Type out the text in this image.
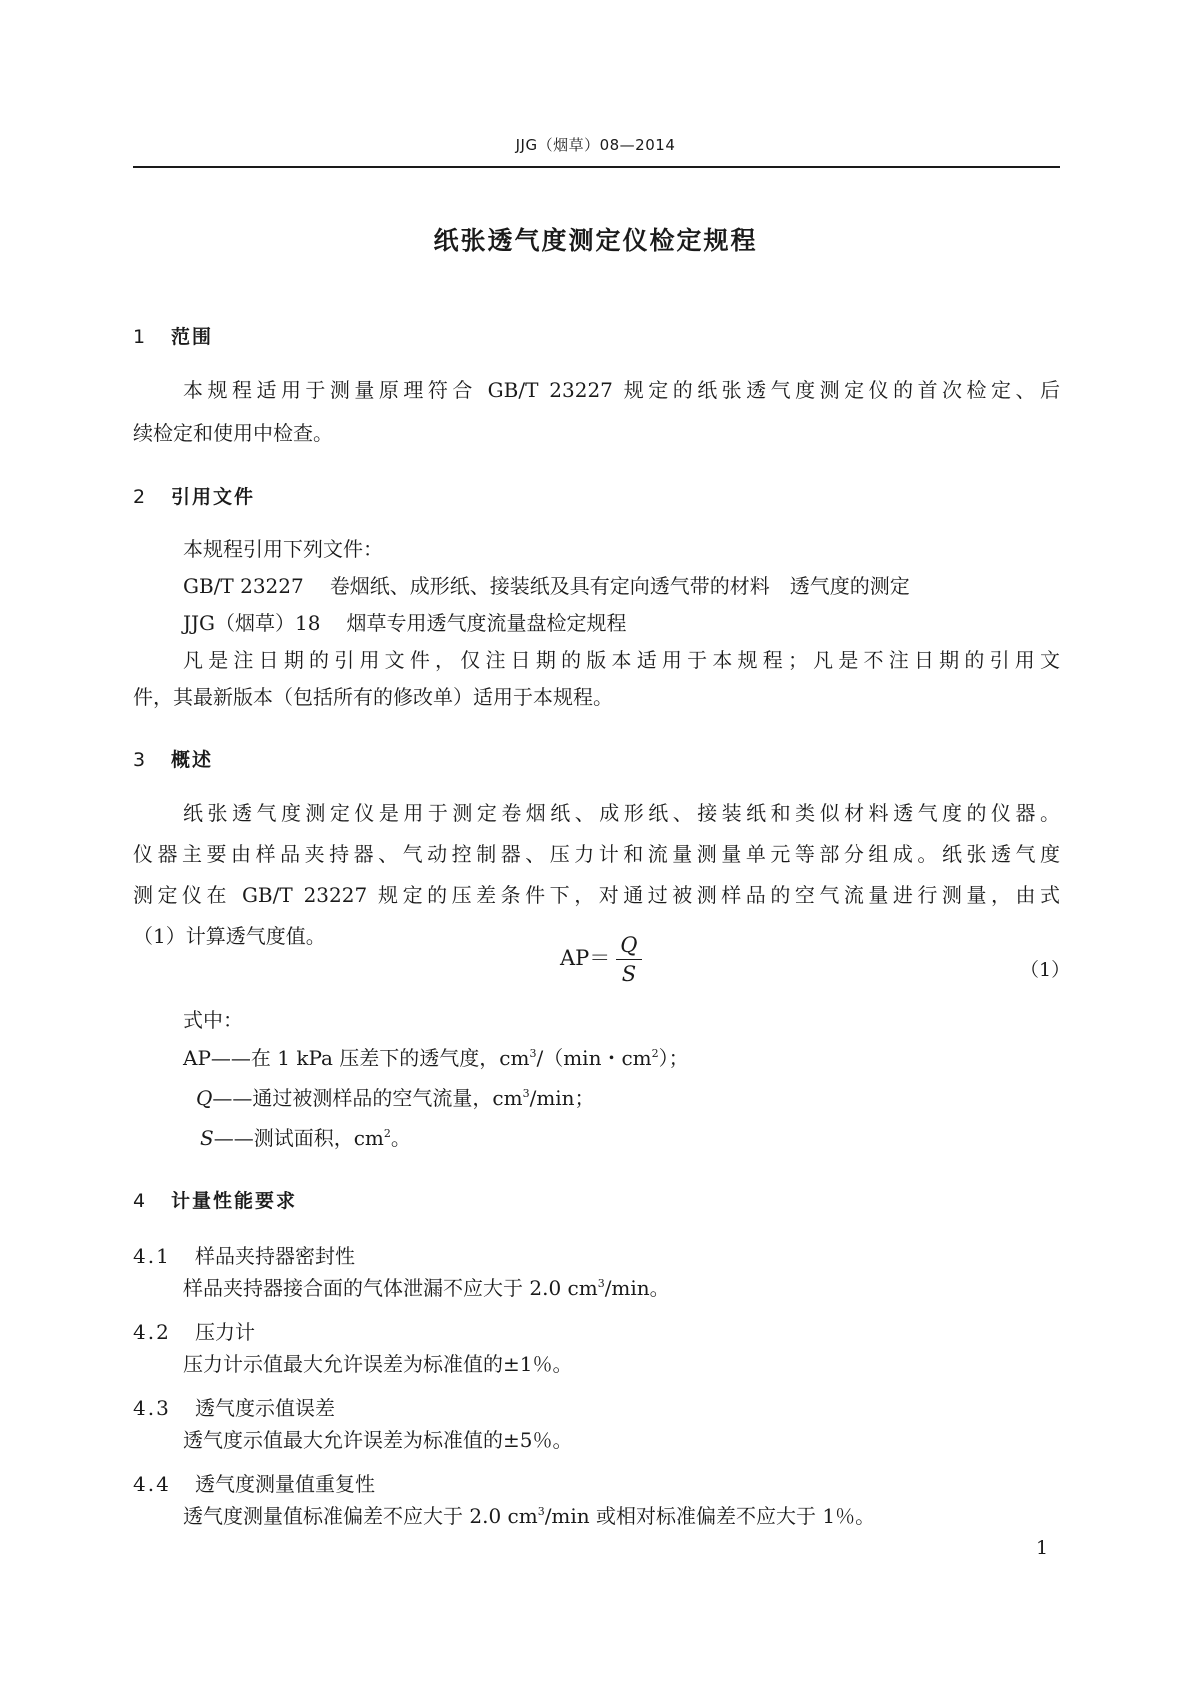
JJG（烟草）08—2014
纸张透气度测定仪检定规程
1 范围
本规程适用于测量原理符合 GB/T 23227 规定的纸张透气度测定仪的首次检定、后
续检定和使用中检查。
2 引用文件
本规程引用下列文件：
GB/T 23227 卷烟纸、成形纸、接装纸及具有定向透气带的材料　透气度的测定
JJG（烟草）18 烟草专用透气度流量盘检定规程
凡是注日期的引用文件，仅注日期的版本适用于本规程；凡是不注日期的引用文
件，其最新版本（包括所有的修改单）适用于本规程。
3 概述
纸张透气度测定仪是用于测定卷烟纸、成形纸、接装纸和类似材料透气度的仪器。
仪器主要由样品夹持器、气动控制器、压力计和流量测量单元等部分组成。纸张透气度
测定仪在 GB/T 23227 规定的压差条件下，对通过被测样品的空气流量进行测量，由式
（1）计算透气度值。
$AP= \frac{Q}{S}$	（1）
式中：
AP——在 1 kPa 压差下的透气度，$cm^3/(\min$・$cm^2$）；
Q——通过被测样品的空气流量，$cm^3/\min$；
S——测试面积，$cm^2$。
4 计量性能要求
4.1 样品夹持器密封性
样品夹持器接合面的气体泄漏不应大于 2.0 $cm^3/\min$。
4.2 压力计
压力计示值最大允许误差为标准值的±1％。
4.3 透气度示值误差
透气度示值最大允许误差为标准值的±5％。
4.4 透气度测量值重复性
透气度测量值标准偏差不应大于 2.0 $cm^3/\min$ 或相对标准偏差不应大于 1％。
1
